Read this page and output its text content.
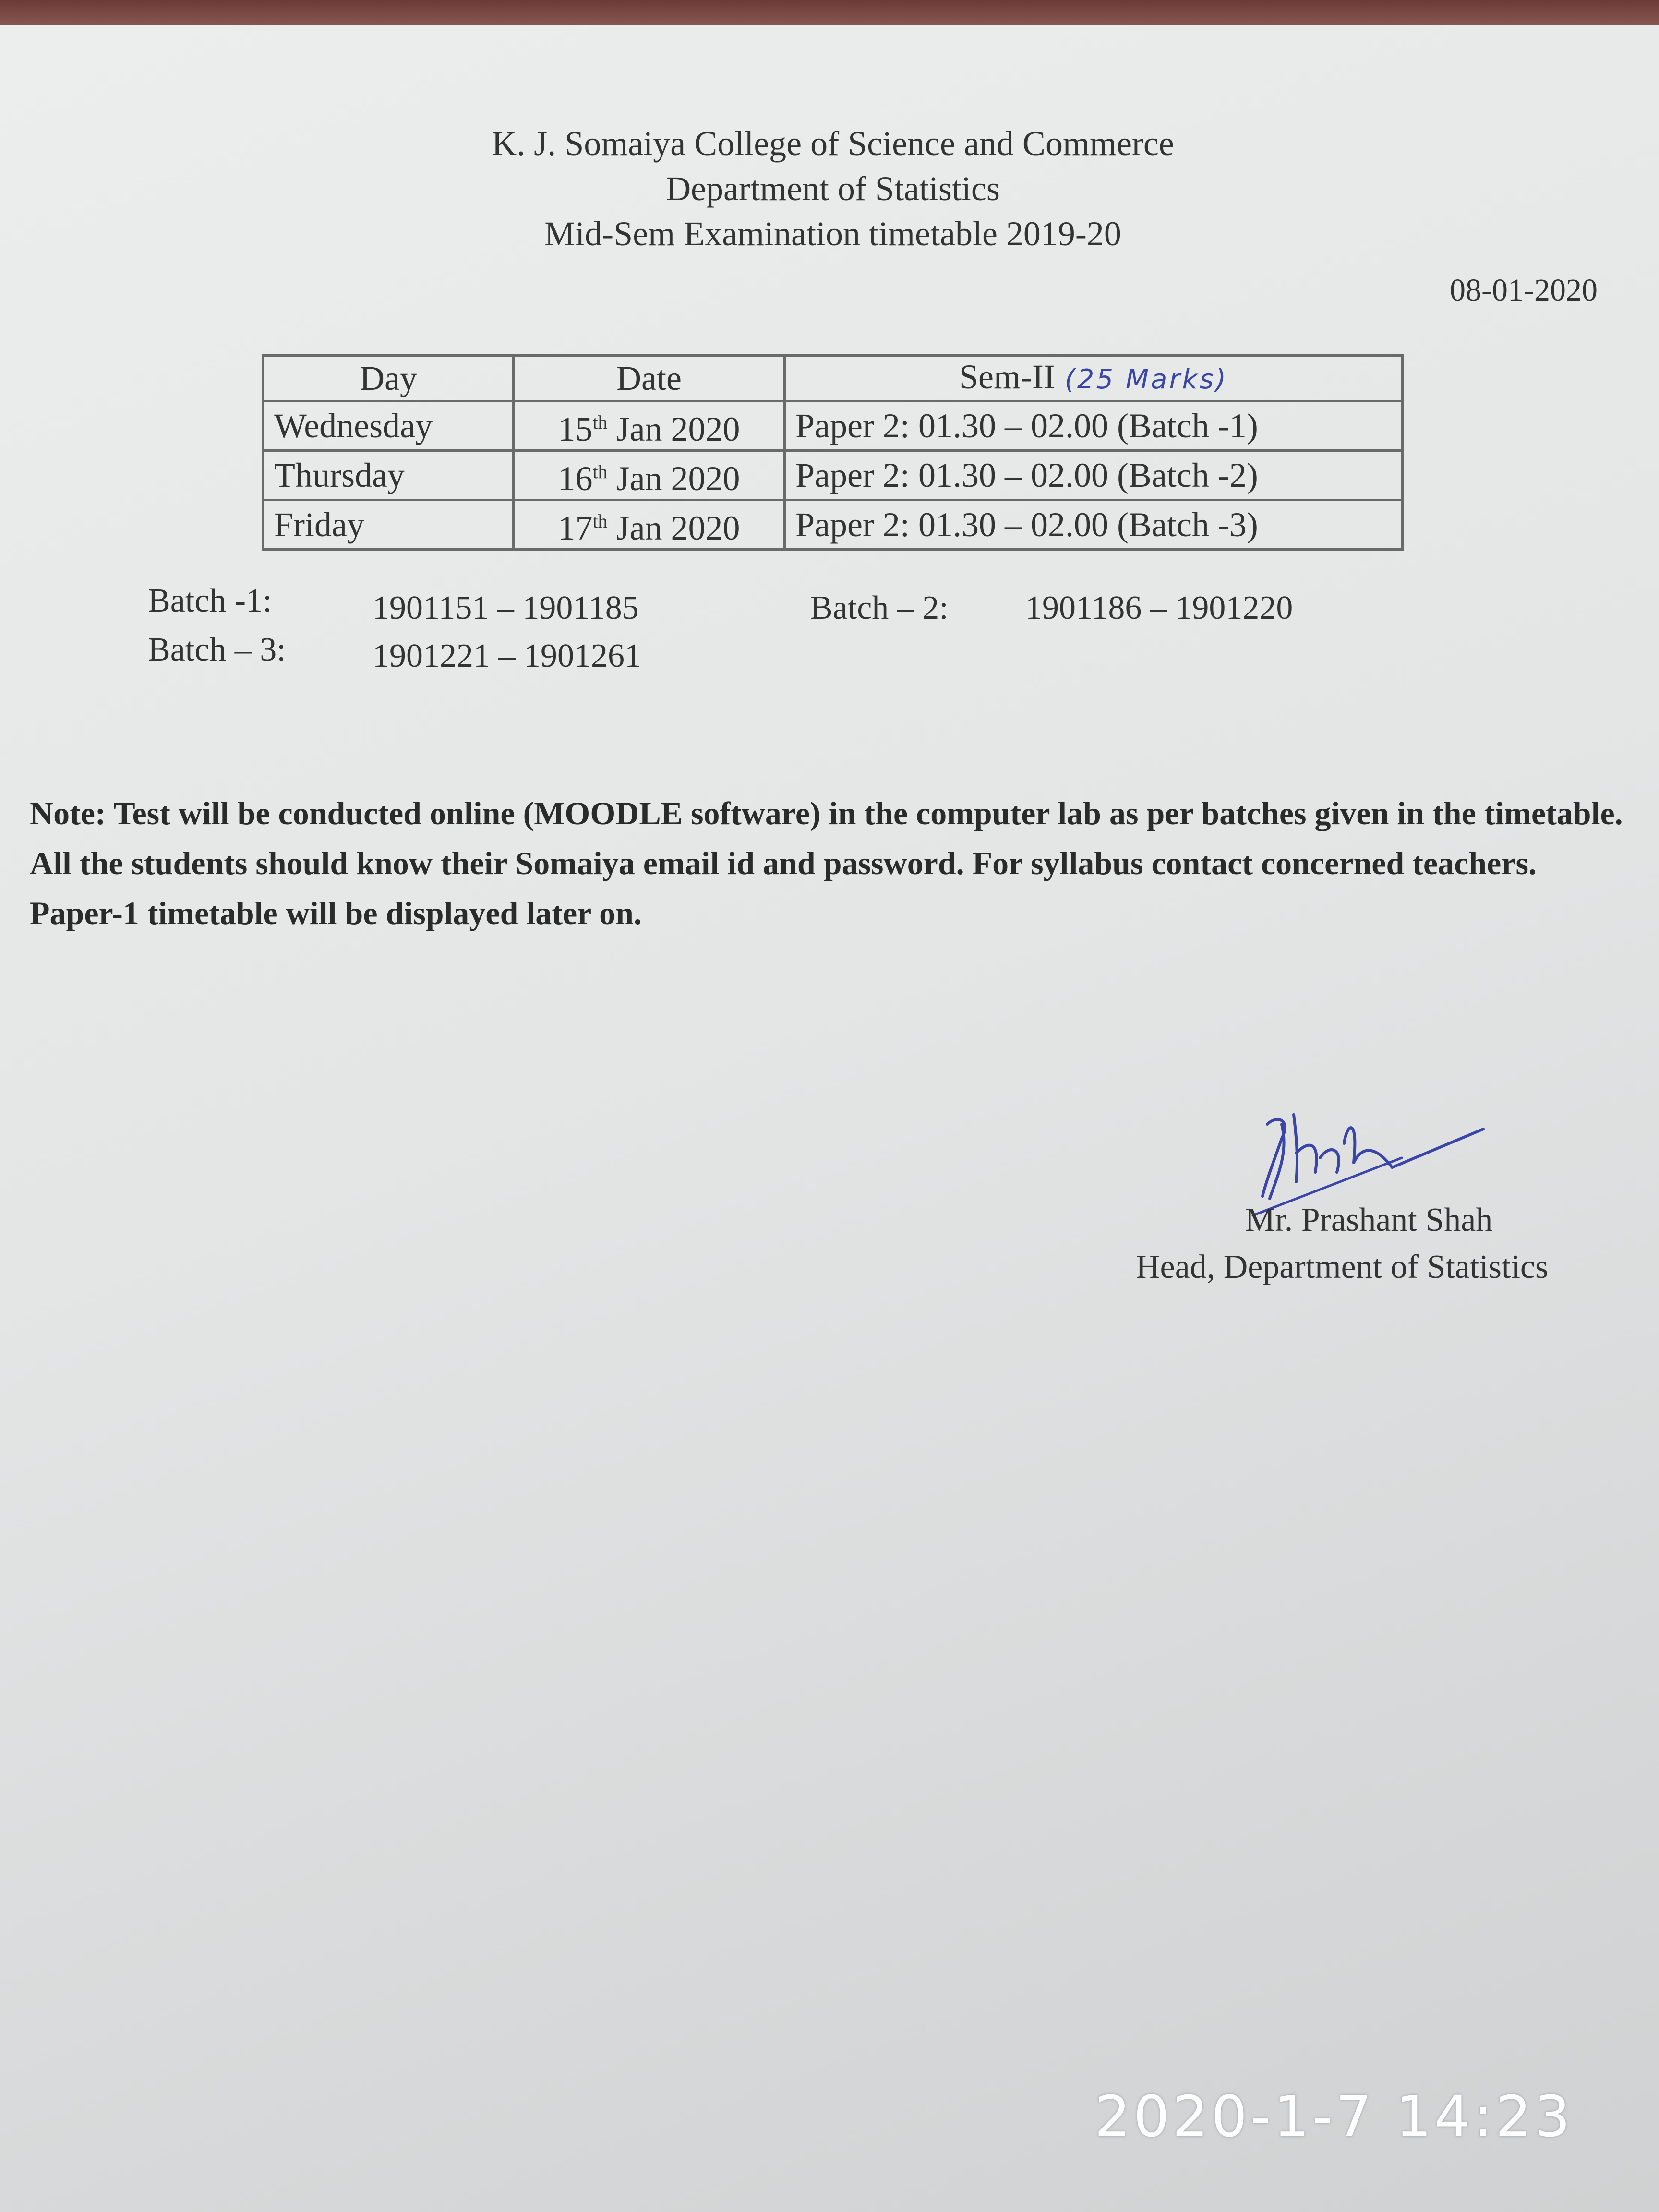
K. J. Somaiya College of Science and Commerce
Department of Statistics
Mid-Sem Examination timetable 2019-20
08-01-2020
Day	Date	Sem-II (25 Marks)
Wednesday	15th Jan 2020	Paper 2: 01.30 – 02.00 (Batch -1)
Thursday	16th Jan 2020	Paper 2: 01.30 – 02.00 (Batch -2)
Friday	17th Jan 2020	Paper 2: 01.30 – 02.00 (Batch -3)
Batch -1:	1901151 – 1901185	Batch – 2: 1901186 – 1901220
Batch – 3:	1901221 – 1901261
Note: Test will be conducted online (MOODLE software) in the computer lab as per batches given in the timetable. All the students should know their Somaiya email id and password. For syllabus contact concerned teachers. Paper-1 timetable will be displayed later on.
Mr. Prashant Shah
Head, Department of Statistics
2020-1-7 14:23
